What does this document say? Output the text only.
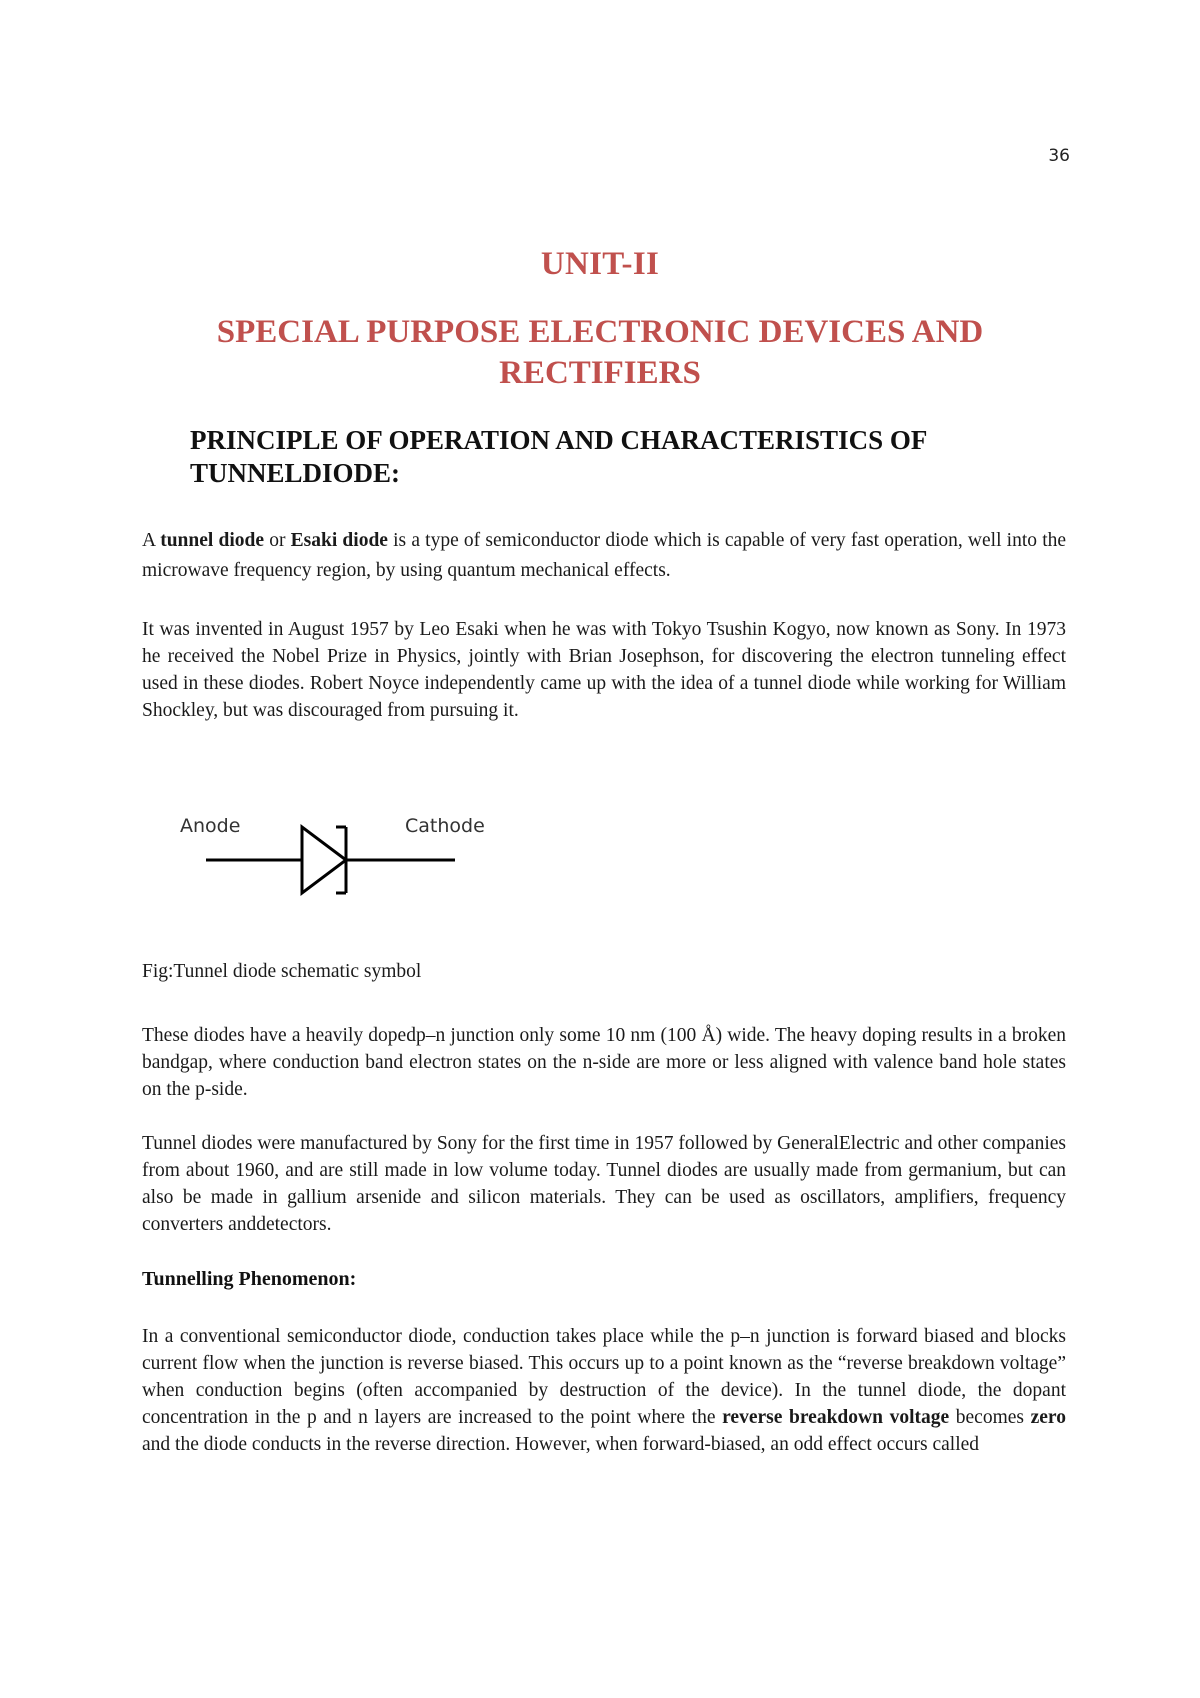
36
UNIT-II
SPECIAL PURPOSE ELECTRONIC DEVICES AND
RECTIFIERS
PRINCIPLE OF OPERATION AND CHARACTERISTICS OF
TUNNELDIODE:

A tunnel diode or Esaki diode is a type of semiconductor diode which is capable of very fast operation, well into the microwave frequency region, by using quantum mechanical effects.

It was invented in August 1957 by Leo Esaki when he was with Tokyo Tsushin Kogyo, now known as Sony. In 1973 he received the Nobel Prize in Physics, jointly with Brian Josephson, for discovering the electron tunneling effect used in these diodes. Robert Noyce independently came up with the idea of a tunnel diode while working for William Shockley, but was discouraged from pursuing it.

Anode	Cathode
Fig:Tunnel diode schematic symbol

These diodes have a heavily dopedp–n junction only some 10 nm (100 Å) wide. The heavy doping results in a broken bandgap, where conduction band electron states on the n-side are more or less aligned with valence band hole states on the p-side.

Tunnel diodes were manufactured by Sony for the first time in 1957 followed by GeneralElectric and other companies from about 1960, and are still made in low volume today. Tunnel diodes are usually made from germanium, but can also be made in gallium arsenide and silicon materials. They can be used as oscillators, amplifiers, frequency converters anddetectors.

Tunnelling Phenomenon:

In a conventional semiconductor diode, conduction takes place while the p–n junction is forward biased and blocks current flow when the junction is reverse biased. This occurs up to a point known as the “reverse breakdown voltage” when conduction begins (often accompanied by destruction of the device). In the tunnel diode, the dopant concentration in the p and n layers are increased to the point where the reverse breakdown voltage becomes zero and the diode conducts in the reverse direction. However, when forward-biased, an odd effect occurs called
